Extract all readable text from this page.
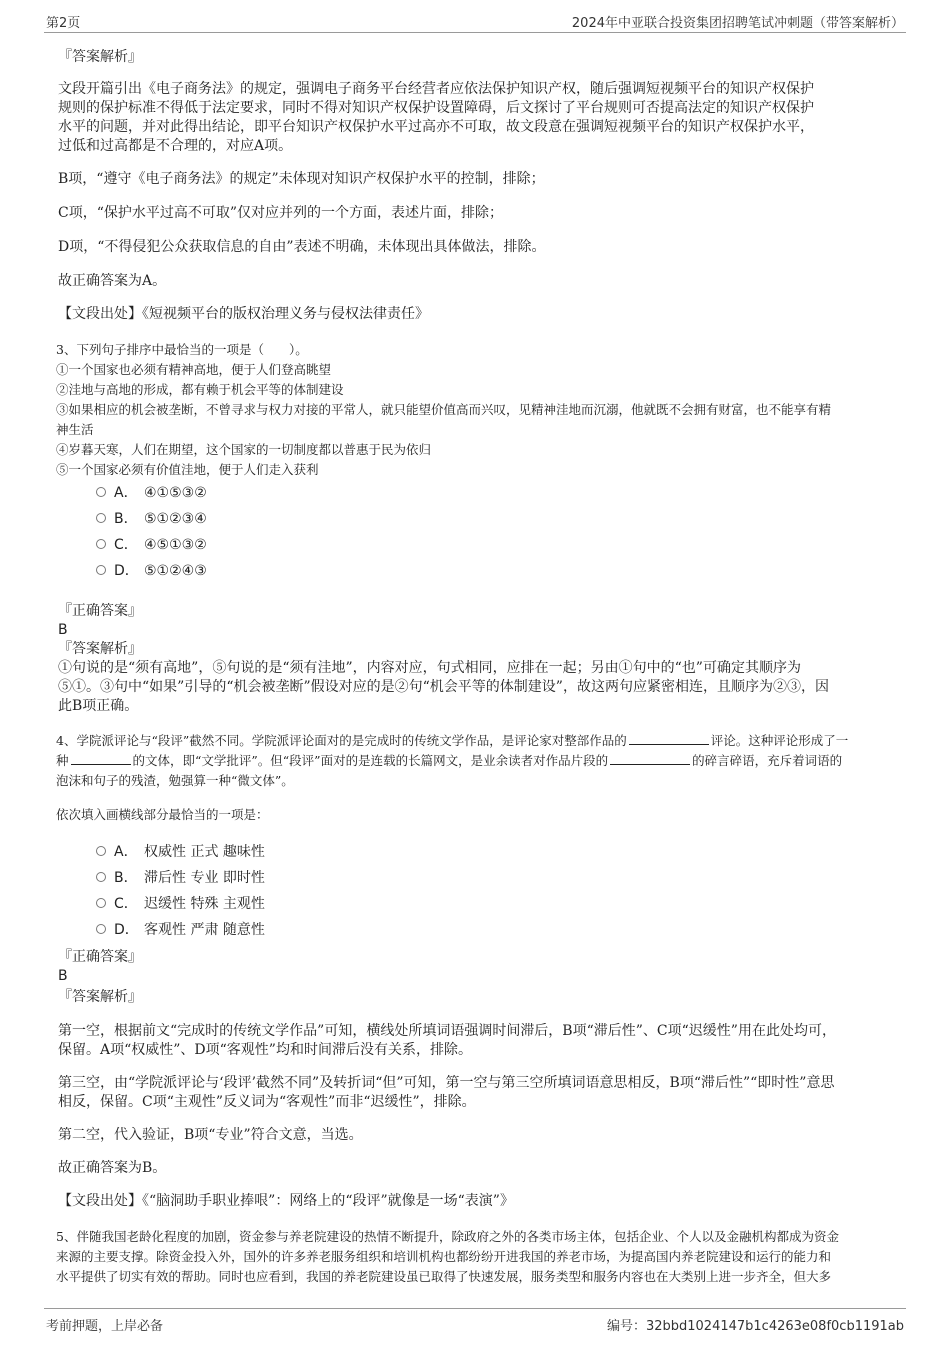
第2页	2024年中亚联合投资集团招聘笔试冲刺题（带答案解析）
『答案解析』
文段开篇引出《电子商务法》的规定，强调电子商务平台经营者应依法保护知识产权，随后强调短视频平台的知识产权保护
规则的保护标准不得低于法定要求，同时不得对知识产权保护设置障碍，后文探讨了平台规则可否提高法定的知识产权保护
水平的问题，并对此得出结论，即平台知识产权保护水平过高亦不可取，故文段意在强调短视频平台的知识产权保护水平，
过低和过高都是不合理的，对应A项。
B项，“遵守《电子商务法》的规定”未体现对知识产权保护水平的控制，排除；
C项，“保护水平过高不可取”仅对应并列的一个方面，表述片面，排除；
D项，“不得侵犯公众获取信息的自由”表述不明确，未体现出具体做法，排除。
故正确答案为A。
【文段出处】《短视频平台的版权治理义务与侵权法律责任》
3、下列句子排序中最恰当的一项是（　　）。
①一个国家也必须有精神高地，便于人们登高眺望
②洼地与高地的形成，都有赖于机会平等的体制建设
③如果相应的机会被垄断，不曾寻求与权力对接的平常人，就只能望价值高而兴叹，见精神洼地而沉溺，他就既不会拥有财富，也不能享有精
神生活
④岁暮天寒，人们在期望，这个国家的一切制度都以普惠于民为依归
⑤一个国家必须有价值洼地，便于人们走入获利
A． ④①⑤③②
B． ⑤①②③④
C． ④⑤①③②
D． ⑤①②④③
『正确答案』
B
『答案解析』
①句说的是“须有高地”，⑤句说的是“须有洼地”，内容对应，句式相同，应排在一起；另由①句中的“也”可确定其顺序为
⑤①。③句中“如果”引导的“机会被垄断”假设对应的是②句“机会平等的体制建设”，故这两句应紧密相连，且顺序为②③，因
此B项正确。
4、学院派评论与“段评”截然不同。学院派评论面对的是完成时的传统文学作品，是评论家对整部作品的	评论。这种评论形成了一
种	的文体，即“文学批评”。但“段评”面对的是连载的长篇网文，是业余读者对作品片段的	的碎言碎语，充斥着词语的
泡沫和句子的残渣，勉强算一种“微文体”。
依次填入画横线部分最恰当的一项是：
A． 权威性 正式 趣味性
B． 滞后性 专业 即时性
C． 迟缓性 特殊 主观性
D． 客观性 严肃 随意性
『正确答案』
B
『答案解析』
第一空，根据前文“完成时的传统文学作品”可知，横线处所填词语强调时间滞后，B项“滞后性”、C项“迟缓性”用在此处均可，
保留。A项“权威性”、D项“客观性”均和时间滞后没有关系，排除。
第三空，由“学院派评论与‘段评’截然不同”及转折词“但”可知，第一空与第三空所填词语意思相反，B项“滞后性”“即时性”意思
相反，保留。C项“主观性”反义词为“客观性”而非“迟缓性”，排除。
第二空，代入验证，B项“专业”符合文意，当选。
故正确答案为B。
【文段出处】《“脑洞助手职业捧哏”：网络上的“段评”就像是一场“表演”》
5、伴随我国老龄化程度的加剧，资金参与养老院建设的热情不断提升，除政府之外的各类市场主体，包括企业、个人以及金融机构都成为资金
来源的主要支撑。除资金投入外，国外的许多养老服务组织和培训机构也都纷纷开进我国的养老市场，为提高国内养老院建设和运行的能力和
水平提供了切实有效的帮助。同时也应看到，我国的养老院建设虽已取得了快速发展，服务类型和服务内容也在大类别上进一步齐全，但大多
考前押题，上岸必备	编号：32bbd1024147b1c4263e08f0cb1191ab
